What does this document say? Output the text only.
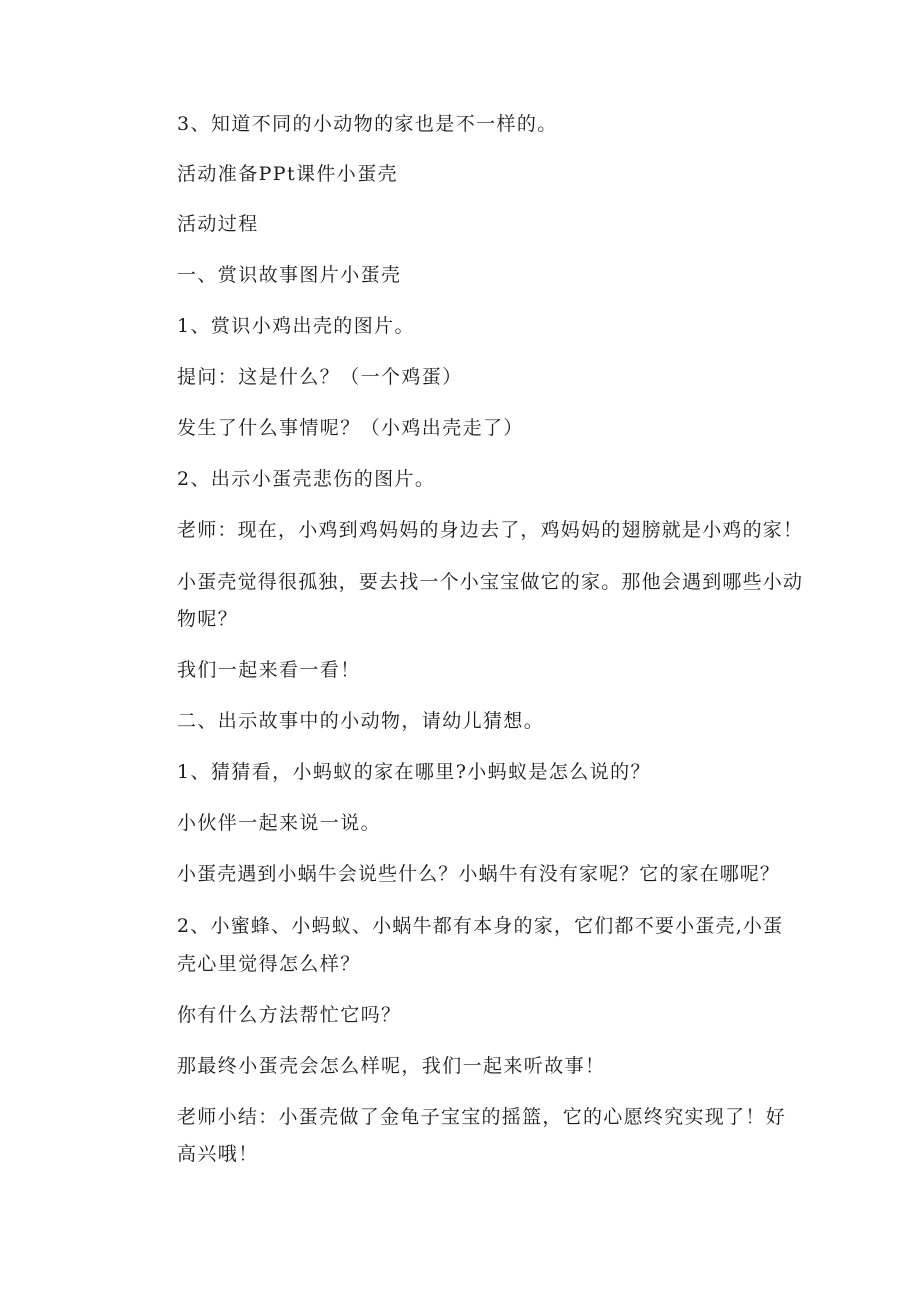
3、知道不同的小动物的家也是不一样的。
活动准备PPt课件小蛋壳
活动过程
一、赏识故事图片小蛋壳
1、赏识小鸡出壳的图片。
提问：这是什么？（一个鸡蛋）
发生了什么事情呢？（小鸡出壳走了）
2、出示小蛋壳悲伤的图片。
老师：现在，小鸡到鸡妈妈的身边去了，鸡妈妈的翅膀就是小鸡的家！
小蛋壳觉得很孤独，要去找一个小宝宝做它的家。那他会遇到哪些小动
物呢？
我们一起来看一看！
二、出示故事中的小动物，请幼儿猜想。
1、猜猜看，小蚂蚁的家在哪里?小蚂蚁是怎么说的？
小伙伴一起来说一说。
小蛋壳遇到小蜗牛会说些什么？小蜗牛有没有家呢？它的家在哪呢？
2、小蜜蜂、小蚂蚁、小蜗牛都有本身的家，它们都不要小蛋壳,小蛋
壳心里觉得怎么样？
你有什么方法帮忙它吗？
那最终小蛋壳会怎么样呢，我们一起来听故事！
老师小结：小蛋壳做了金龟子宝宝的摇篮，它的心愿终究实现了！好
高兴哦！
